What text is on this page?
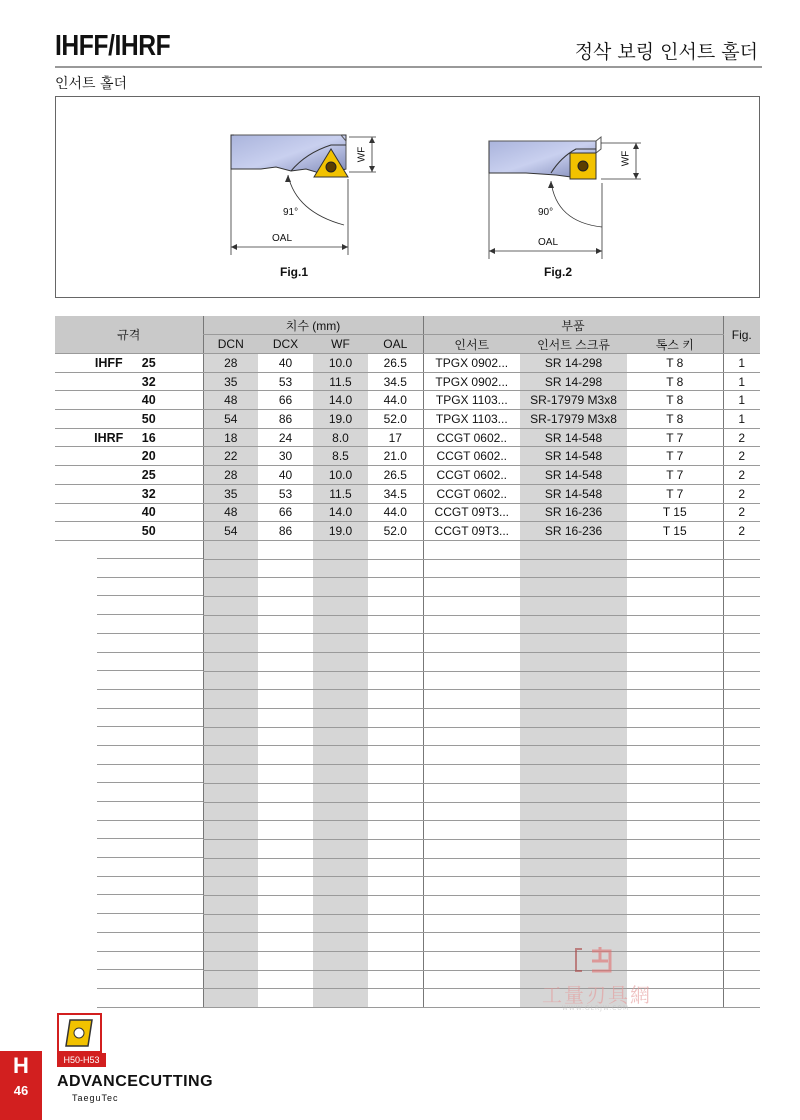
IHFF/IHRF	정삭 보링 인서트 홀더
인서트 홀더
91°
WF
OAL
Fig.1
90°
WF
OAL
Fig.2
규격	치수 (mm)				부품			Fig.
	DCN	DCX	WF	OAL	인서트	인서트 스크류	톡스 키	
IHFF 25	28	40	10.0	26.5	TPGX 0902...	SR 14-298	T 8	1
32	35	53	11.5	34.5	TPGX 0902...	SR 14-298	T 8	1
40	48	66	14.0	44.0	TPGX 1103...	SR-17979 M3x8	T 8	1
50	54	86	19.0	52.0	TPGX 1103...	SR-17979 M3x8	T 8	1
IHRF 16	18	24	8.0	17	CCGT 0602..	SR 14-548	T 7	2
20	22	30	8.5	21.0	CCGT 0602..	SR 14-548	T 7	2
25	28	40	10.0	26.5	CCGT 0602..	SR 14-548	T 7	2
32	35	53	11.5	34.5	CCGT 0602..	SR 14-548	T 7	2
40	48	66	14.0	44.0	CCGT 09T3...	SR 16-236	T 15	2
50	54	86	19.0	52.0	CCGT 09T3...	SR 16-236	T 15	2

工量刃具網
WWW.GLRJW.COM
H50-H53
H
46
ADVANCECUTTING
TaeguTec
